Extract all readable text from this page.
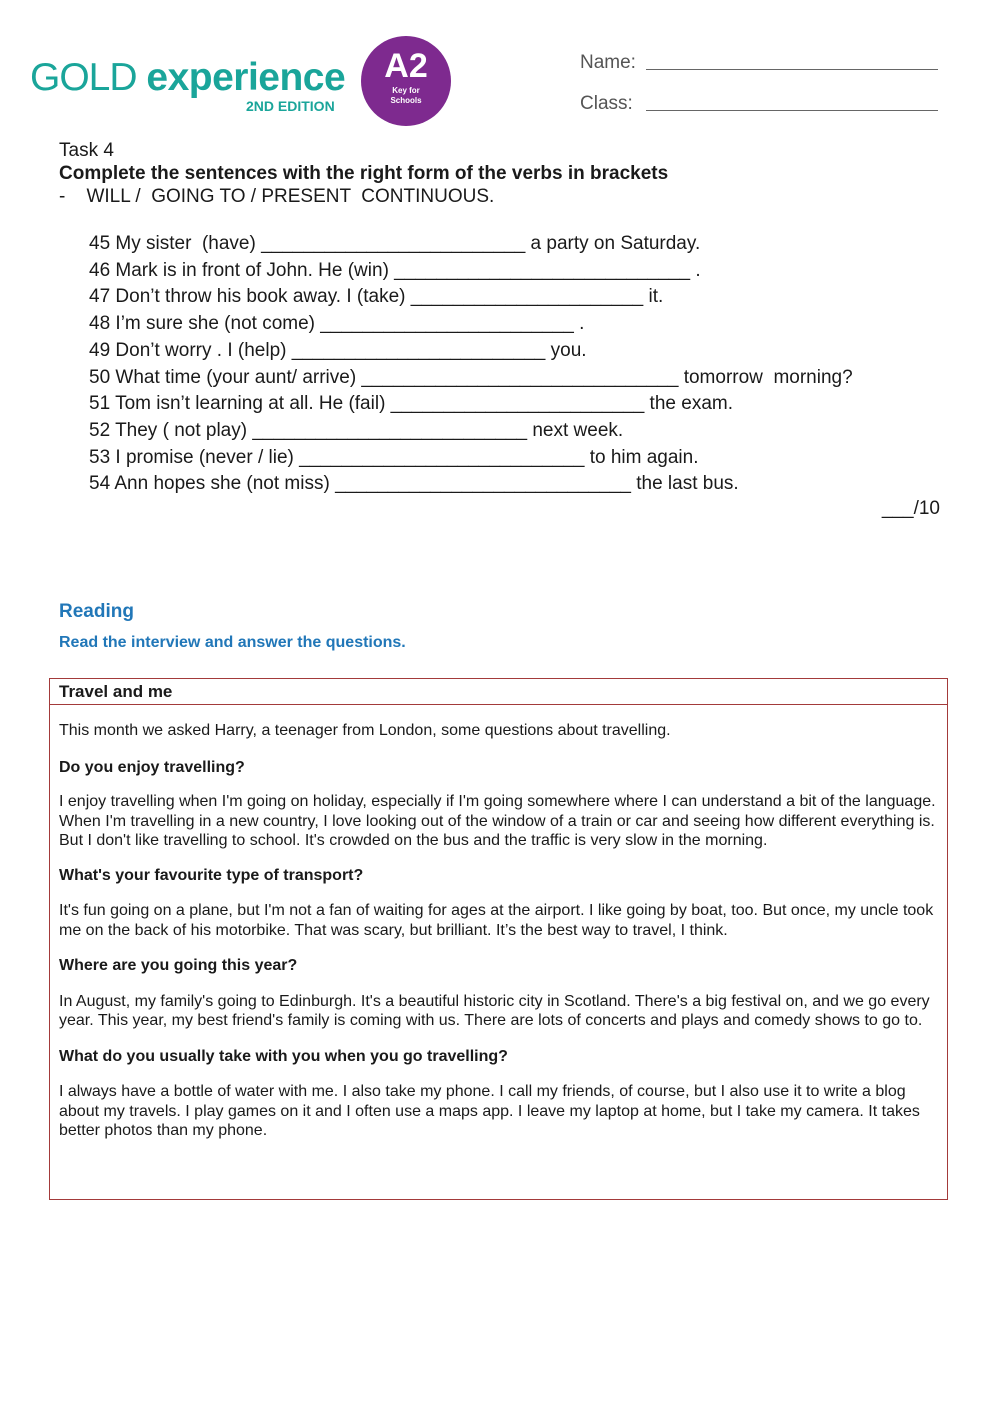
GOLD experience
2ND EDITION
A2
Key for Schools
Name:
Class:
Task 4
Complete the sentences with the right form of the verbs in brackets
-    WILL /  GOING TO / PRESENT  CONTINUOUS.
45 My sister  (have) _________________________ a party on Saturday.
46 Mark is in front of John. He (win) ____________________________ .
47 Don’t throw his book away. I (take) ______________________ it.
48 I’m sure she (not come) ________________________ .
49 Don’t worry . I (help) ________________________ you.
50 What time (your aunt/ arrive) ______________________________ tomorrow  morning?
51 Tom isn’t learning at all. He (fail) ________________________ the exam.
52 They ( not play) __________________________ next week.
53 I promise (never / lie) ___________________________ to him again.
54 Ann hopes she (not miss) ____________________________ the last bus.
___/10
Reading
Read the interview and answer the questions.
Travel and me

This month we asked Harry, a teenager from London, some questions about travelling.

Do you enjoy travelling?

I enjoy travelling when I'm going on holiday, especially if I'm going somewhere where I can understand a bit of the language. When I'm travelling in a new country, I love looking out of the window of a train or car and seeing how different everything is. But I don't like travelling to school. It's crowded on the bus and the traffic is very slow in the morning.

What's your favourite type of transport?

It's fun going on a plane, but I'm not a fan of waiting for ages at the airport. I like going by boat, too. But once, my uncle took me on the back of his motorbike. That was scary, but brilliant. It’s the best way to travel, I think.

Where are you going this year?

In August, my family's going to Edinburgh. It's a beautiful historic city in Scotland. There's a big festival on, and we go every year. This year, my best friend's family is coming with us. There are lots of concerts and plays and comedy shows to go to.

What do you usually take with you when you go travelling?

I always have a bottle of water with me. I also take my phone. I call my friends, of course, but I also use it to write a blog about my travels. I play games on it and I often use a maps app. I leave my laptop at home, but I take my camera. It takes better photos than my phone.
